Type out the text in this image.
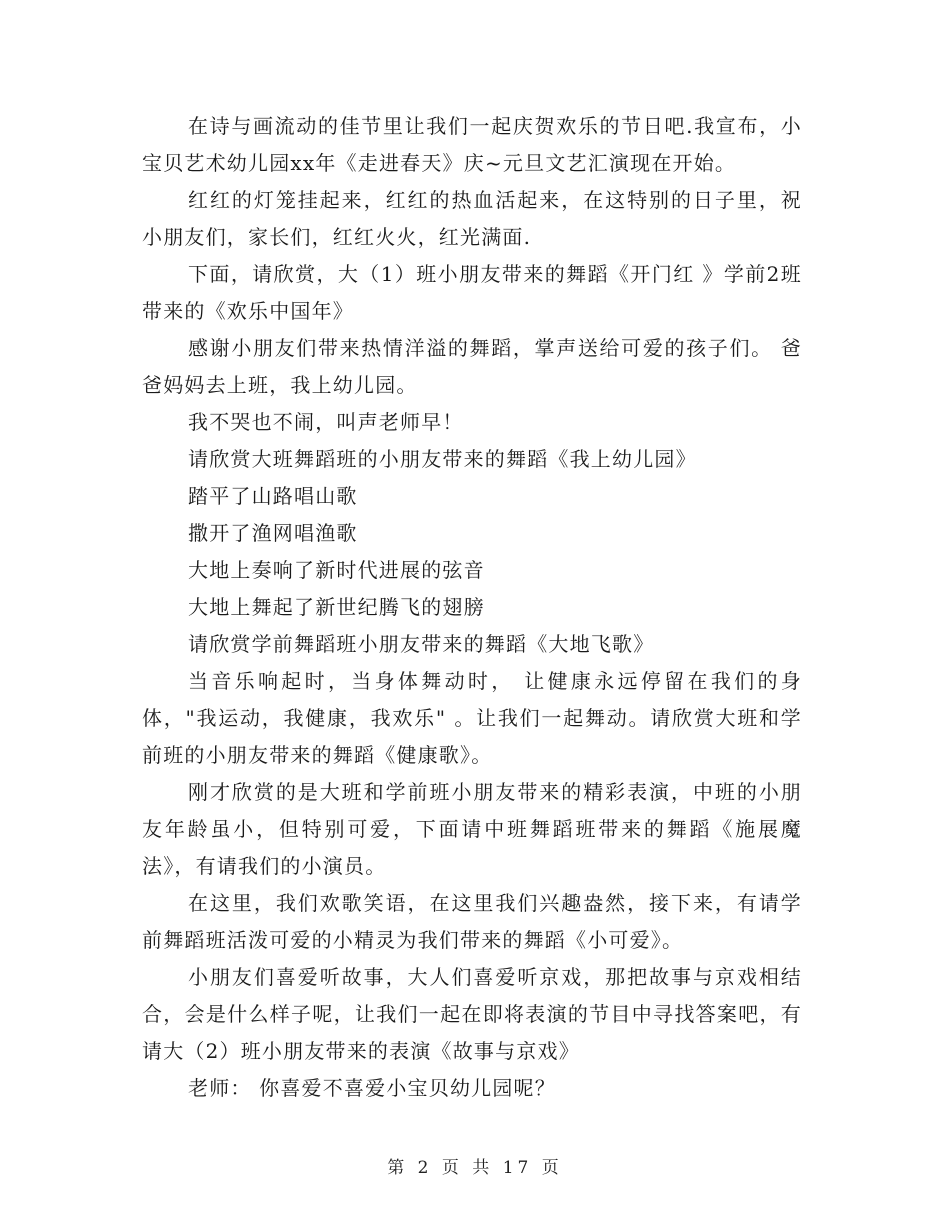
在诗与画流动的佳节里让我们一起庆贺欢乐的节日吧.我宣布，小宝贝艺术幼儿园xx年《走进春天》庆~元旦文艺汇演现在开始。

红红的灯笼挂起来，红红的热血活起来，在这特别的日子里，祝小朋友们，家长们，红红火火，红光满面.

下面，请欣赏，大（1）班小朋友带来的舞蹈《开门红 》学前2班带来的《欢乐中国年》

感谢小朋友们带来热情洋溢的舞蹈，掌声送给可爱的孩子们。 爸爸妈妈去上班，我上幼儿园。

我不哭也不闹，叫声老师早！

请欣赏大班舞蹈班的小朋友带来的舞蹈《我上幼儿园》

踏平了山路唱山歌

撒开了渔网唱渔歌

大地上奏响了新时代进展的弦音

大地上舞起了新世纪腾飞的翅膀

请欣赏学前舞蹈班小朋友带来的舞蹈《大地飞歌》

当音乐响起时，当身体舞动时， 让健康永远停留在我们的身体，"我运动，我健康，我欢乐" 。让我们一起舞动。请欣赏大班和学前班的小朋友带来的舞蹈《健康歌》。

刚才欣赏的是大班和学前班小朋友带来的精彩表演，中班的小朋友年龄虽小，但特别可爱，下面请中班舞蹈班带来的舞蹈《施展魔法》，有请我们的小演员。

在这里，我们欢歌笑语，在这里我们兴趣盎然，接下来，有请学前舞蹈班活泼可爱的小精灵为我们带来的舞蹈《小可爱》。

小朋友们喜爱听故事，大人们喜爱听京戏，那把故事与京戏相结合，会是什么样子呢，让我们一起在即将表演的节目中寻找答案吧，有请大（2）班小朋友带来的表演《故事与京戏》

老师： 你喜爱不喜爱小宝贝幼儿园呢？

第 2 页 共 17 页
